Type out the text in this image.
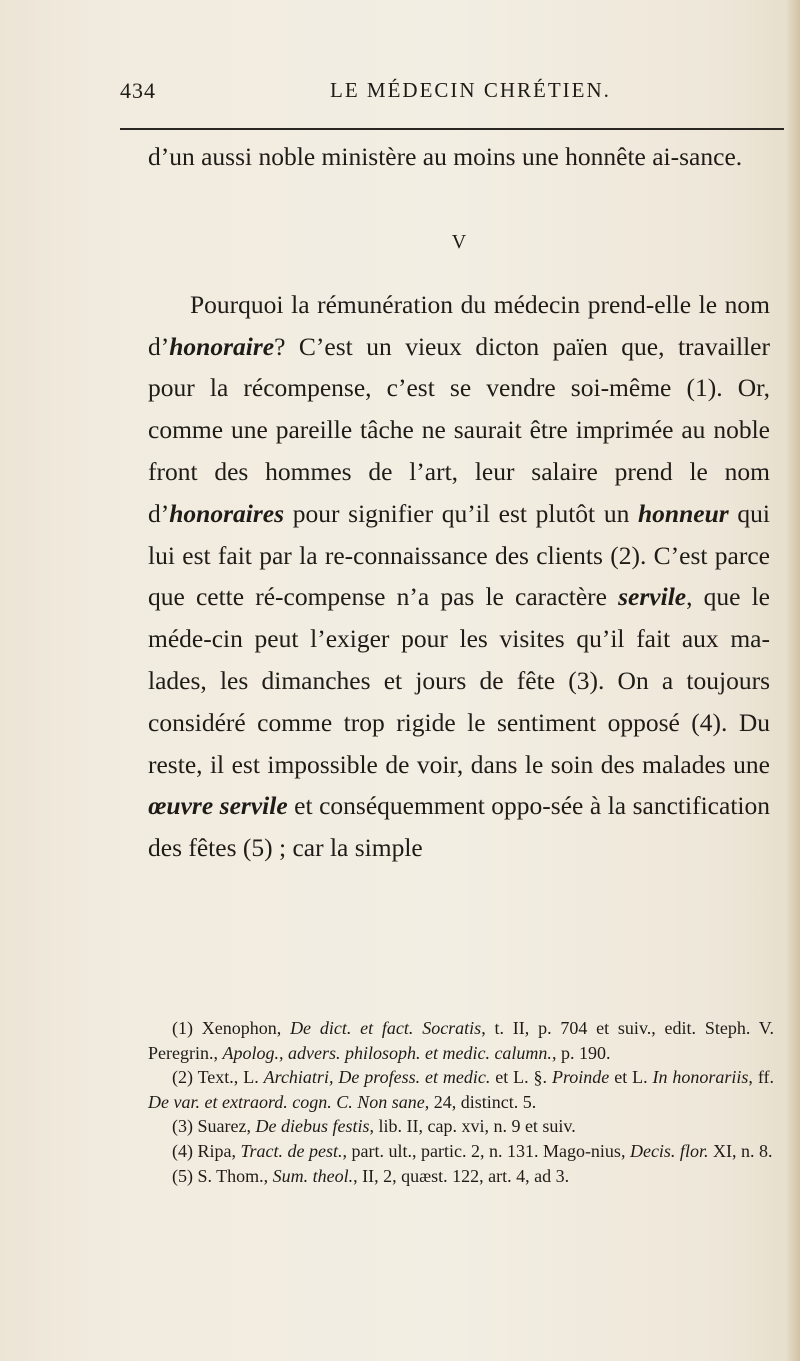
434	LE MÉDECIN CHRÉTIEN.

d’un aussi noble ministère au moins une honnête ai-sance.

V

Pourquoi la rémunération du médecin prend-elle le nom d’honoraire? C’est un vieux dicton païen que, travailler pour la récompense, c’est se vendre soi-même (1). Or, comme une pareille tâche ne saurait être imprimée au noble front des hommes de l’art, leur salaire prend le nom d’honoraires pour signifier qu’il est plutôt un honneur qui lui est fait par la re-connaissance des clients (2). C’est parce que cette ré-compense n’a pas le caractère servile, que le méde-cin peut l’exiger pour les visites qu’il fait aux ma-lades, les dimanches et jours de fête (3). On a toujours considéré comme trop rigide le sentiment opposé (4). Du reste, il est impossible de voir, dans le soin des malades une œuvre servile et conséquemment oppo-sée à la sanctification des fêtes (5) ; car la simple

(1) Xenophon, De dict. et fact. Socratis, t. II, p. 704 et suiv., edit. Steph. V. Peregrin., Apolog., advers. philosoph. et medic. calumn., p. 190.

(2) Text., L. Archiatri, De profess. et medic. et L. §. Proinde et L. In honorariis, ff. De var. et extraord. cogn. C. Non sane, 24, distinct. 5.

(3) Suarez, De diebus festis, lib. II, cap. xvi, n. 9 et suiv.

(4) Ripa, Tract. de pest., part. ult., partic. 2, n. 131. Mago-nius, Decis. flor. XI, n. 8.

(5) S. Thom., Sum. theol., II, 2, quæst. 122, art. 4, ad 3.
